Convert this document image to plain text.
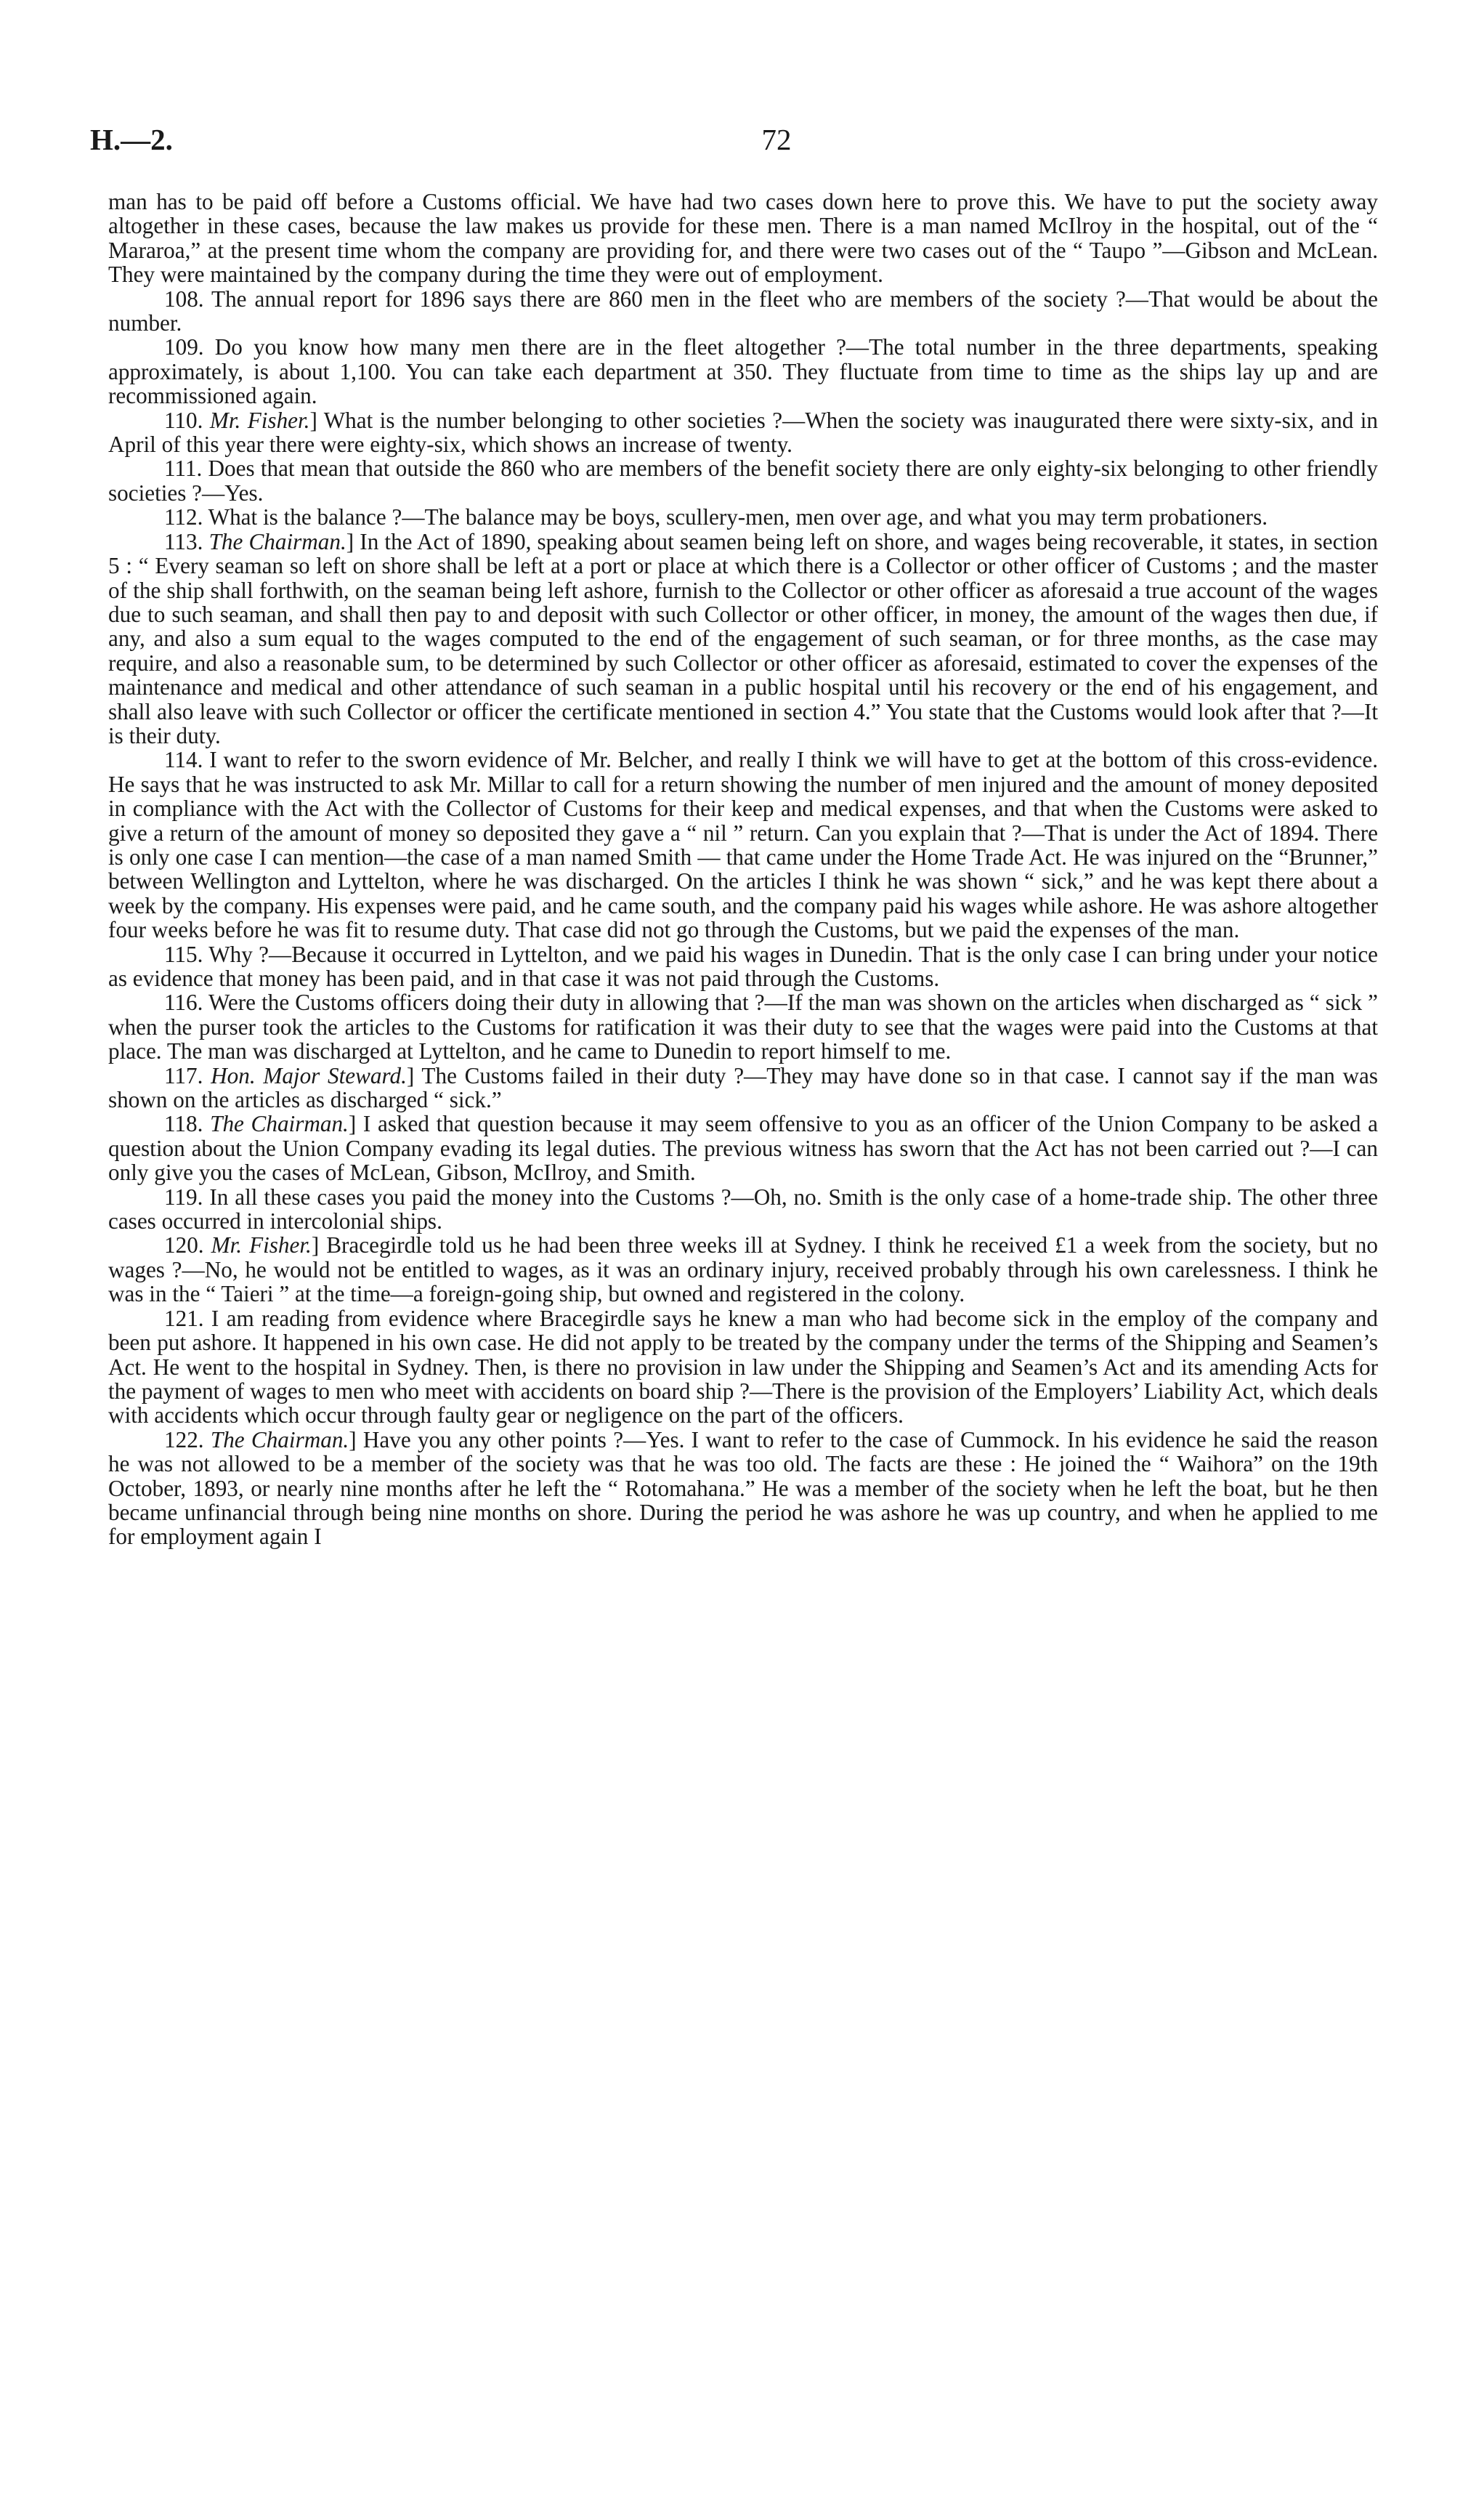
H.—2.	72

man has to be paid off before a Customs official. We have had two cases down here to prove this. We have to put the society away altogether in these cases, because the law makes us provide for these men. There is a man named McIlroy in the hospital, out of the “ Mararoa,” at the present time whom the company are providing for, and there were two cases out of the “ Taupo ”—Gibson and McLean. They were maintained by the company during the time they were out of employment.

108. The annual report for 1896 says there are 860 men in the fleet who are members of the society ?—That would be about the number.

109. Do you know how many men there are in the fleet altogether ?—The total number in the three departments, speaking approximately, is about 1,100. You can take each department at 350. They fluctuate from time to time as the ships lay up and are recommissioned again.

110. Mr. Fisher.] What is the number belonging to other societies ?—When the society was inaugurated there were sixty-six, and in April of this year there were eighty-six, which shows an increase of twenty.

111. Does that mean that outside the 860 who are members of the benefit society there are only eighty-six belonging to other friendly societies ?—Yes.

112. What is the balance ?—The balance may be boys, scullery-men, men over age, and what you may term probationers.

113. The Chairman.] In the Act of 1890, speaking about seamen being left on shore, and wages being recoverable, it states, in section 5 : “ Every seaman so left on shore shall be left at a port or place at which there is a Collector or other officer of Customs ; and the master of the ship shall forthwith, on the seaman being left ashore, furnish to the Collector or other officer as aforesaid a true account of the wages due to such seaman, and shall then pay to and deposit with such Collector or other officer, in money, the amount of the wages then due, if any, and also a sum equal to the wages computed to the end of the engagement of such seaman, or for three months, as the case may require, and also a reasonable sum, to be determined by such Collector or other officer as aforesaid, estimated to cover the expenses of the maintenance and medical and other attendance of such seaman in a public hospital until his recovery or the end of his engagement, and shall also leave with such Collector or officer the certificate mentioned in section 4.” You state that the Customs would look after that ?—It is their duty.

114. I want to refer to the sworn evidence of Mr. Belcher, and really I think we will have to get at the bottom of this cross-evidence. He says that he was instructed to ask Mr. Millar to call for a return showing the number of men injured and the amount of money deposited in compliance with the Act with the Collector of Customs for their keep and medical expenses, and that when the Customs were asked to give a return of the amount of money so deposited they gave a “ nil ” return. Can you explain that ?—That is under the Act of 1894. There is only one case I can mention—the case of a man named Smith — that came under the Home Trade Act. He was injured on the “Brunner,” between Wellington and Lyttelton, where he was discharged. On the articles I think he was shown “ sick,” and he was kept there about a week by the company. His expenses were paid, and he came south, and the company paid his wages while ashore. He was ashore altogether four weeks before he was fit to resume duty. That case did not go through the Customs, but we paid the expenses of the man.

115. Why ?—Because it occurred in Lyttelton, and we paid his wages in Dunedin. That is the only case I can bring under your notice as evidence that money has been paid, and in that case it was not paid through the Customs.

116. Were the Customs officers doing their duty in allowing that ?—If the man was shown on the articles when discharged as “ sick ” when the purser took the articles to the Customs for ratification it was their duty to see that the wages were paid into the Customs at that place. The man was discharged at Lyttelton, and he came to Dunedin to report himself to me.

117. Hon. Major Steward.] The Customs failed in their duty ?—They may have done so in that case. I cannot say if the man was shown on the articles as discharged “ sick.”

118. The Chairman.] I asked that question because it may seem offensive to you as an officer of the Union Company to be asked a question about the Union Company evading its legal duties. The previous witness has sworn that the Act has not been carried out ?—I can only give you the cases of McLean, Gibson, McIlroy, and Smith.

119. In all these cases you paid the money into the Customs ?—Oh, no. Smith is the only case of a home-trade ship. The other three cases occurred in intercolonial ships.

120. Mr. Fisher.] Bracegirdle told us he had been three weeks ill at Sydney. I think he received £1 a week from the society, but no wages ?—No, he would not be entitled to wages, as it was an ordinary injury, received probably through his own carelessness. I think he was in the “ Taieri ” at the time—a foreign-going ship, but owned and registered in the colony.

121. I am reading from evidence where Bracegirdle says he knew a man who had become sick in the employ of the company and been put ashore. It happened in his own case. He did not apply to be treated by the company under the terms of the Shipping and Seamen’s Act. He went to the hospital in Sydney. Then, is there no provision in law under the Shipping and Seamen’s Act and its amending Acts for the payment of wages to men who meet with accidents on board ship ?—There is the provision of the Employers’ Liability Act, which deals with accidents which occur through faulty gear or negligence on the part of the officers.

122. The Chairman.] Have you any other points ?—Yes. I want to refer to the case of Cummock. In his evidence he said the reason he was not allowed to be a member of the society was that he was too old. The facts are these : He joined the “ Waihora” on the 19th October, 1893, or nearly nine months after he left the “ Rotomahana.” He was a member of the society when he left the boat, but he then became unfinancial through being nine months on shore. During the period he was ashore he was up country, and when he applied to me for employment again I
